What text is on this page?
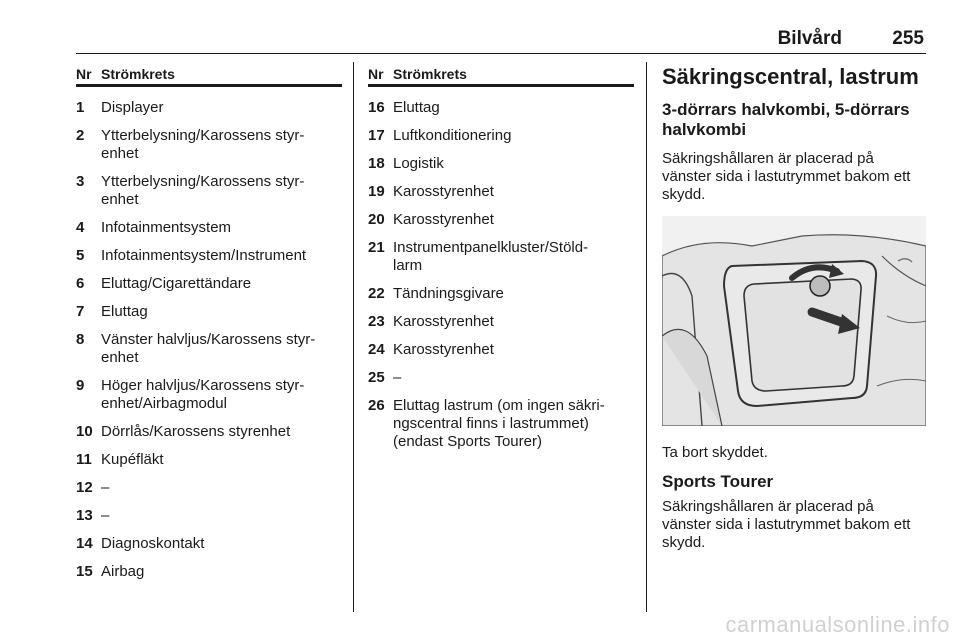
Bilvård	255
Nr Strömkrets
1	Displayer
2	Ytterbelysning/Karossens styr-
enhet
3	Ytterbelysning/Karossens styr-
enhet
4	Infotainmentsystem
5	Infotainmentsystem/Instrument
6	Eluttag/Cigarettändare
7	Eluttag
8	Vänster halvljus/Karossens styr-
enhet
9	Höger halvljus/Karossens styr-
enhet/Airbagmodul
10 Dörrlås/Karossens styrenhet
11 Kupéfläkt
12 –
13 –
14 Diagnoskontakt
15 Airbag
Nr Strömkrets
16 Eluttag
17 Luftkonditionering
18 Logistik
19 Karosstyrenhet
20 Karosstyrenhet
21 Instrumentpanelkluster/Stöld-
larm
22 Tändningsgivare
23 Karosstyrenhet
24 Karosstyrenhet
25 –
26 Eluttag lastrum (om ingen säkri-
ngscentral finns i lastrummet)
(endast Sports Tourer)
Säkringscentral, lastrum
3-dörrars halvkombi, 5-dörrars
halvkombi
Säkringshållaren är placerad på
vänster sida i lastutrymmet bakom ett
skydd.
Ta bort skyddet.
Sports Tourer
Säkringshållaren är placerad på
vänster sida i lastutrymmet bakom ett
skydd.
carmanualsonline.info
